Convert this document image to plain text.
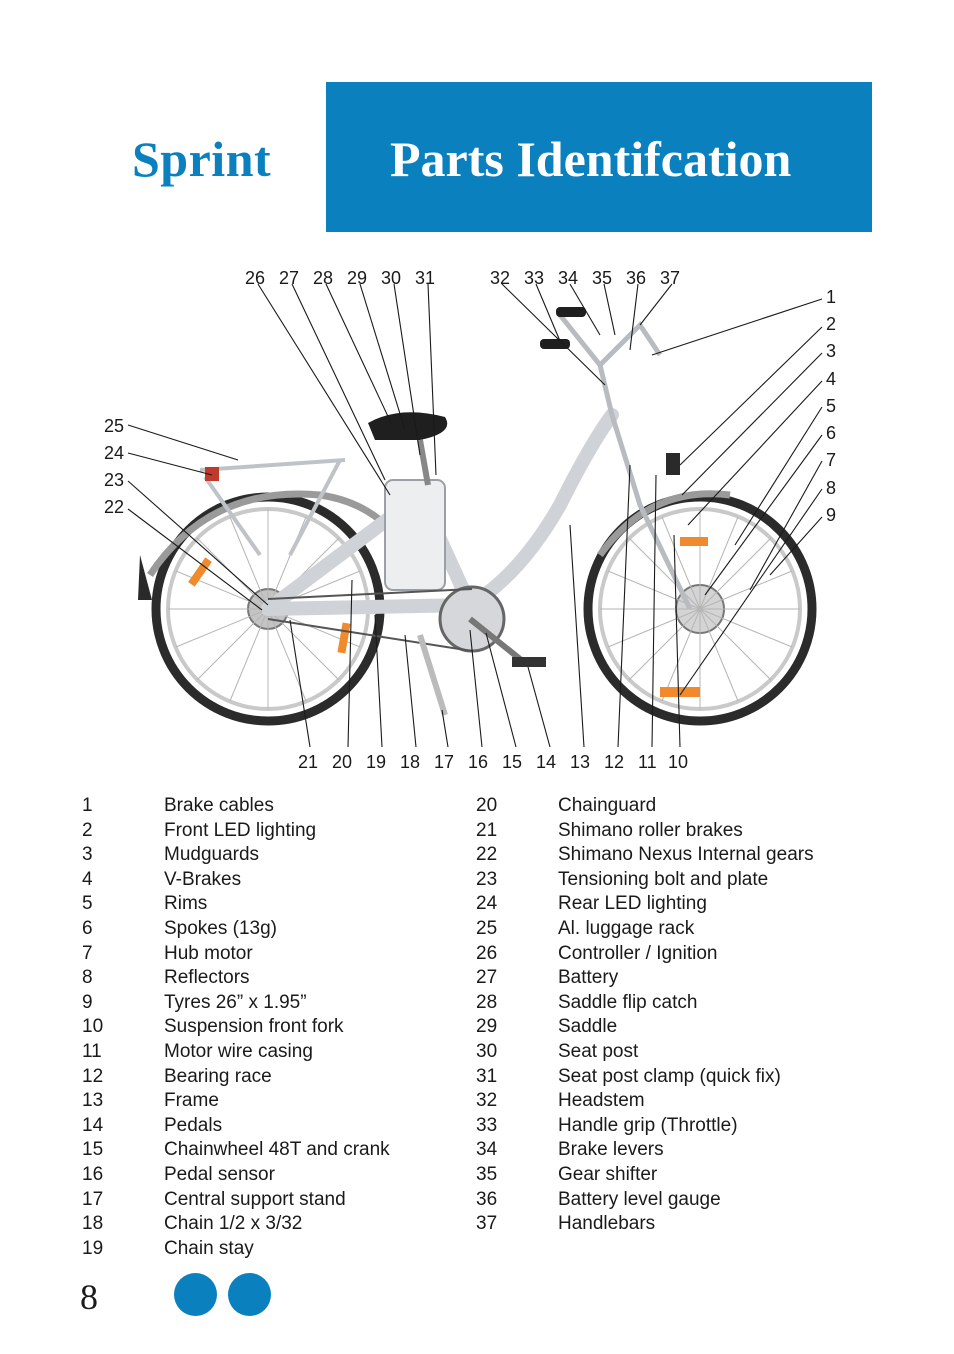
Sprint Parts Identifcation
26 27 28 29 30 31	32 33 34 35 36 37
1
2
3
4
5
6
7
8
9
25
24
23
22
21 20 19 18 17 16 15 14 13 12 11 10
1	Brake cables
2	Front LED lighting
3	Mudguards
4	V-Brakes
5	Rims
6	Spokes (13g)
7	Hub motor
8	Reflectors
9	Tyres 26” x 1.95”
10	Suspension front fork
11	Motor wire casing
12	Bearing race
13	Frame
14	Pedals
15	Chainwheel 48T and crank
16	Pedal sensor
17	Central support stand
18	Chain 1/2 x 3/32
19	Chain stay
20	Chainguard
21	Shimano roller brakes
22	Shimano Nexus Internal gears
23	Tensioning bolt and plate
24	Rear LED lighting
25	Al. luggage rack
26	Controller / Ignition
27	Battery
28	Saddle flip catch
29	Saddle
30	Seat post
31	Seat post clamp (quick fix)
32	Headstem
33	Handle grip (Throttle)
34	Brake levers
35	Gear shifter
36	Battery level gauge
37	Handlebars
8
